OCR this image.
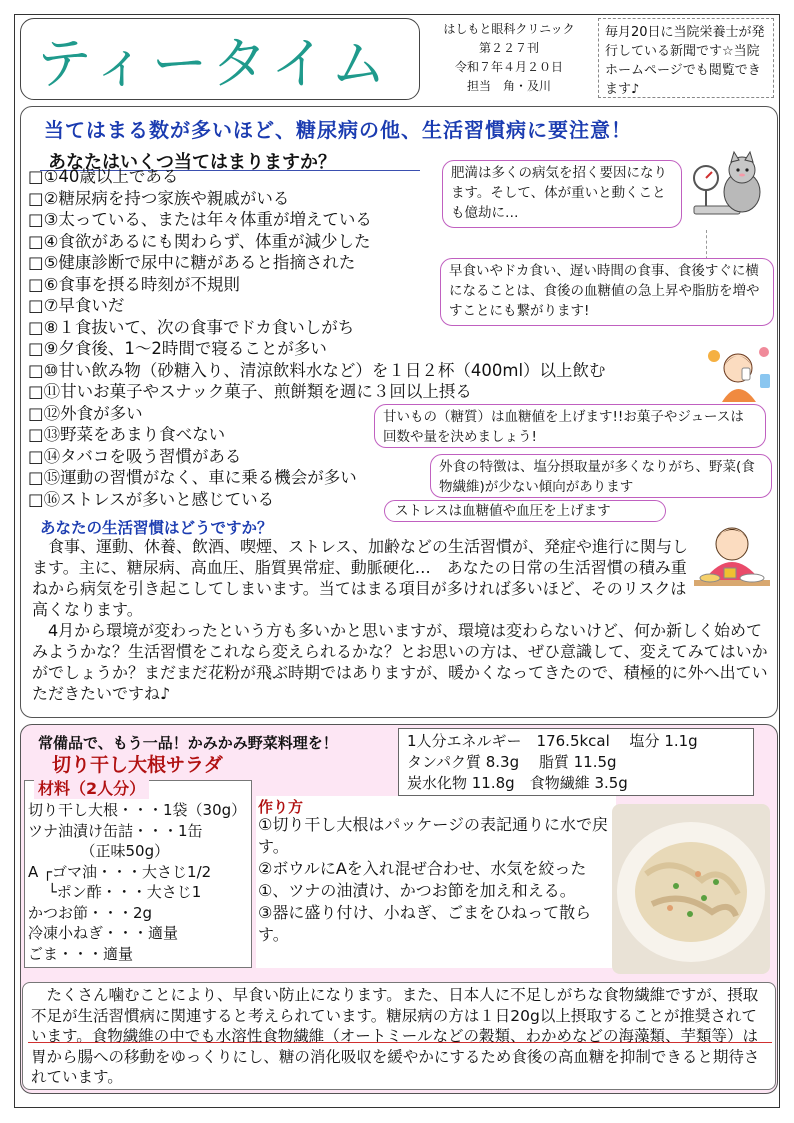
ティータイム
はしもと眼科クリニック
第２２７刊
令和７年４月２０日
担当　角・及川
毎月20日に当院栄養士が発行している新聞です☆当院ホームページでも閲覧できます♪
当てはまる数が多いほど、糖尿病の他、生活習慣病に要注意！
あなたはいくつ当てはまりますか？
□①40歳以上である
□②糖尿病を持つ家族や親戚がいる
□③太っている、または年々体重が増えている
□④食欲があるにも関わらず、体重が減少した
□⑤健康診断で尿中に糖があると指摘された
□⑥食事を摂る時刻が不規則
□⑦早食いだ
□⑧１食抜いて、次の食事でドカ食いしがち
□⑨夕食後、1～2時間で寝ることが多い
□⑩甘い飲み物（砂糖入り、清涼飲料水など）を１日２杯（400ml）以上飲む
□⑪甘いお菓子やスナック菓子、煎餅類を週に３回以上摂る
□⑫外食が多い
□⑬野菜をあまり食べない
□⑭タバコを吸う習慣がある
□⑮運動の習慣がなく、車に乗る機会が多い
□⑯ストレスが多いと感じている
肥満は多くの病気を招く要因になります。そして、体が重いと動くことも億劫に…
早食いやドカ食い、遅い時間の食事、食後すぐに横になることは、食後の血糖値の急上昇や脂肪を増やすことにも繋がります!
甘いもの（糖質）は血糖値を上げます!!お菓子やジュースは回数や量を決めましょう!
外食の特徴は、塩分摂取量が多くなりがち、野菜(食物繊維)が少ない傾向があります
ストレスは血糖値や血圧を上げます
あなたの生活習慣はどうですか？
　食事、運動、休養、飲酒、喫煙、ストレス、加齢などの生活習慣が、発症や進行に関与します。主に、糖尿病、高血圧、脂質異常症、動脈硬化…　あなたの日常の生活習慣の積み重ねから病気を引き起こしてしまいます。当てはまる項目が多ければ多いほど、そのリスクは高くなります。
　4月から環境が変わったという方も多いかと思いますが、環境は変わらないけど、何か新しく始めてみようかな？生活習慣をこれなら変えられるかな？とお思いの方は、ぜひ意識して、変えてみてはいかがでしょうか？まだまだ花粉が飛ぶ時期ではありますが、暖かくなってきたので、積極的に外へ出ていただきたいですね♪
常備品で、もう一品！かみかみ野菜料理を！
切り干し大根サラダ
1人分エネルギー　176.5kcal　 塩分 1.1g
タンパク質 8.3g　 脂質 11.5g
炭水化物 11.8g　食物繊維 3.5g
材料（2人分）
切り干し大根・・・1袋（30g）
ツナ油漬け缶詰・・・1缶
　　　　（正味50g）
A ┌ゴマ油・・・大さじ1/2
　 └ポン酢・・・大さじ1
かつお節・・・2g
冷凍小ねぎ・・・適量
ごま・・・適量
作り方
①切り干し大根はパッケージの表記通りに水で戻す。
②ボウルにAを入れ混ぜ合わせ、水気を絞った①、ツナの油漬け、かつお節を加え和える。
③器に盛り付け、小ねぎ、ごまをひねって散らす。
　たくさん噛むことにより、早食い防止になります。また、日本人に不足しがちな食物繊維ですが、摂取不足が生活習慣病に関連すると考えられています。糖尿病の方は１日20g以上摂取することが推奨されています。食物繊維の中でも水溶性食物繊維（オートミールなどの穀類、わかめなどの海藻類、芋類等）は胃から腸への移動をゆっくりにし、糖の消化吸収を緩やかにするため食後の高血糖を抑制できると期待されています。
